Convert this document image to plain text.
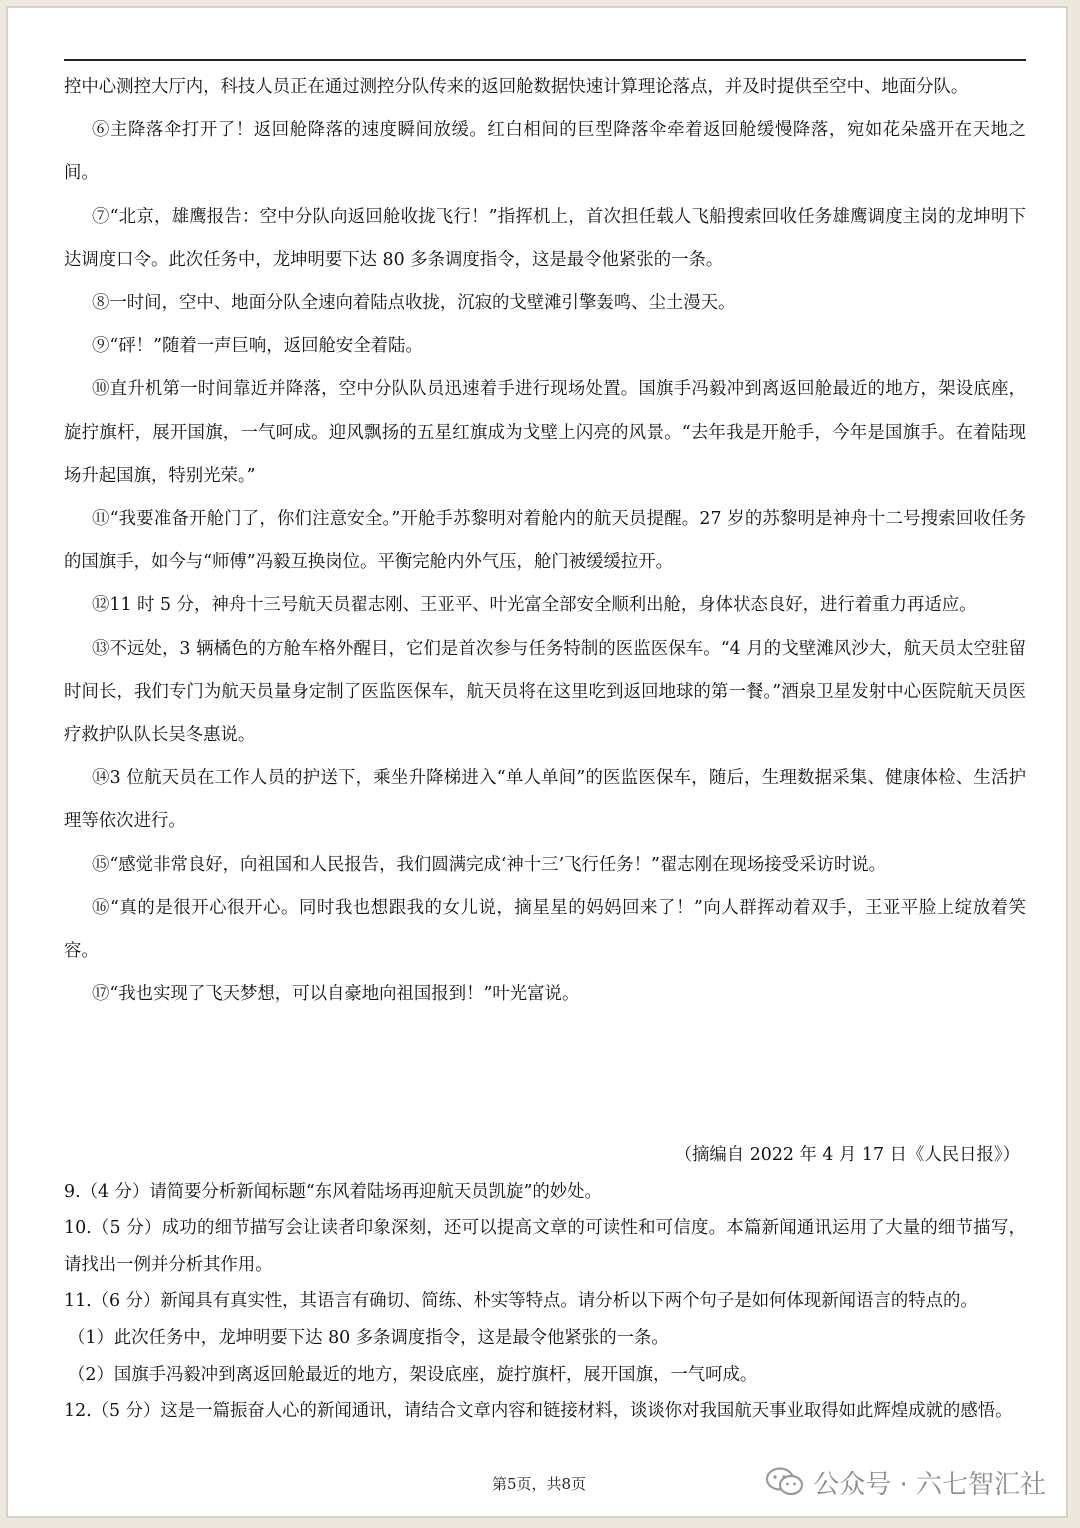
控中心测控大厅内，科技人员正在通过测控分队传来的返回舱数据快速计算理论落点，并及时提供至空中、地面分队。

⑥主降落伞打开了！返回舱降落的速度瞬间放缓。红白相间的巨型降落伞牵着返回舱缓慢降落，宛如花朵盛开在天地之间。

⑦“北京，雄鹰报告：空中分队向返回舱收拢飞行！”指挥机上，首次担任载人飞船搜索回收任务雄鹰调度主岗的龙坤明下达调度口令。此次任务中，龙坤明要下达 80 多条调度指令，这是最令他紧张的一条。

⑧一时间，空中、地面分队全速向着陆点收拢，沉寂的戈壁滩引擎轰鸣、尘土漫天。

⑨“砰！”随着一声巨响，返回舱安全着陆。

⑩直升机第一时间靠近并降落，空中分队队员迅速着手进行现场处置。国旗手冯毅冲到离返回舱最近的地方，架设底座，旋拧旗杆，展开国旗，一气呵成。迎风飘扬的五星红旗成为戈壁上闪亮的风景。“去年我是开舱手，今年是国旗手。在着陆现场升起国旗，特别光荣。”

⑪“我要准备开舱门了，你们注意安全。”开舱手苏黎明对着舱内的航天员提醒。27 岁的苏黎明是神舟十二号搜索回收任务的国旗手，如今与“师傅”冯毅互换岗位。平衡完舱内外气压，舱门被缓缓拉开。

⑫11 时 5 分，神舟十三号航天员翟志刚、王亚平、叶光富全部安全顺利出舱，身体状态良好，进行着重力再适应。

⑬不远处，3 辆橘色的方舱车格外醒目，它们是首次参与任务特制的医监医保车。“4 月的戈壁滩风沙大，航天员太空驻留时间长，我们专门为航天员量身定制了医监医保车，航天员将在这里吃到返回地球的第一餐。”酒泉卫星发射中心医院航天员医疗救护队队长吴冬惠说。

⑭3 位航天员在工作人员的护送下，乘坐升降梯进入“单人单间”的医监医保车，随后，生理数据采集、健康体检、生活护理等依次进行。

⑮“感觉非常良好，向祖国和人民报告，我们圆满完成‘神十三’飞行任务！”翟志刚在现场接受采访时说。

⑯“真的是很开心很开心。同时我也想跟我的女儿说，摘星星的妈妈回来了！”向人群挥动着双手，王亚平脸上绽放着笑容。

⑰“我也实现了飞天梦想，可以自豪地向祖国报到！”叶光富说。

（摘编自 2022 年 4 月 17 日《人民日报》）

9.（4 分）请简要分析新闻标题“东风着陆场再迎航天员凯旋”的妙处。

10.（5 分）成功的细节描写会让读者印象深刻，还可以提高文章的可读性和可信度。本篇新闻通讯运用了大量的细节描写，请找出一例并分析其作用。

11.（6 分）新闻具有真实性，其语言有确切、简练、朴实等特点。请分析以下两个句子是如何体现新闻语言的特点的。

（1）此次任务中，龙坤明要下达 80 多条调度指令，这是最令他紧张的一条。

（2）国旗手冯毅冲到离返回舱最近的地方，架设底座，旋拧旗杆，展开国旗，一气呵成。

12.（5 分）这是一篇振奋人心的新闻通讯，请结合文章内容和链接材料，谈谈你对我国航天事业取得如此辉煌成就的感悟。

第5页，共8页	公众号 · 六七智汇社
